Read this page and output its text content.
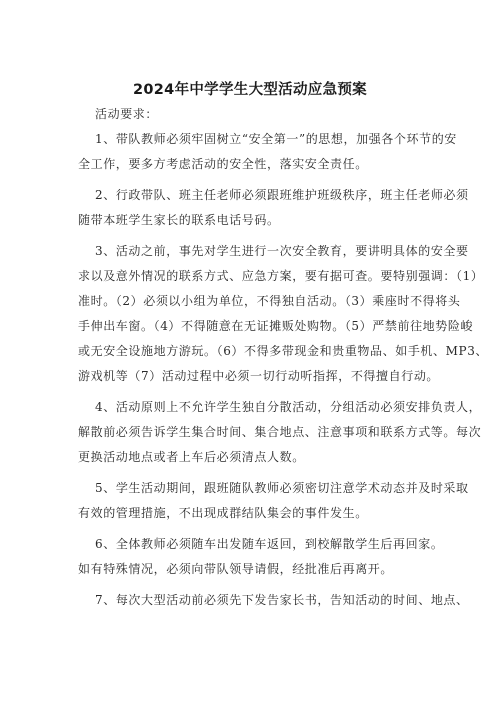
2024年中学学生大型活动应急预案
活动要求：
1、带队教师必须牢固树立“安全第一”的思想，加强各个环节的安
全工作，要多方考虑活动的安全性，落实安全责任。
2、行政带队、班主任老师必须跟班维护班级秩序，班主任老师必须
随带本班学生家长的联系电话号码。
3、活动之前，事先对学生进行一次安全教育，要讲明具体的安全要
求以及意外情况的联系方式、应急方案，要有据可查。要特别强调：（1）
准时。（2）必须以小组为单位，不得独自活动。（3）乘座时不得将头
手伸出车窗。（4）不得随意在无证摊贩处购物。（5）严禁前往地势险峻
或无安全设施地方游玩。（6）不得多带现金和贵重物品、如手机、MP3、
游戏机等（7）活动过程中必须一切行动听指挥，不得擅自行动。
4、活动原则上不允许学生独自分散活动，分组活动必须安排负责人，
解散前必须告诉学生集合时间、集合地点、注意事项和联系方式等。每次
更换活动地点或者上车后必须清点人数。
5、学生活动期间，跟班随队教师必须密切注意学术动态并及时采取
有效的管理措施，不出现成群结队集会的事件发生。
6、全体教师必须随车出发随车返回，到校解散学生后再回家。
如有特殊情况，必须向带队领导请假，经批准后再离开。
7、每次大型活动前必须先下发告家长书，告知活动的时间、地点、
